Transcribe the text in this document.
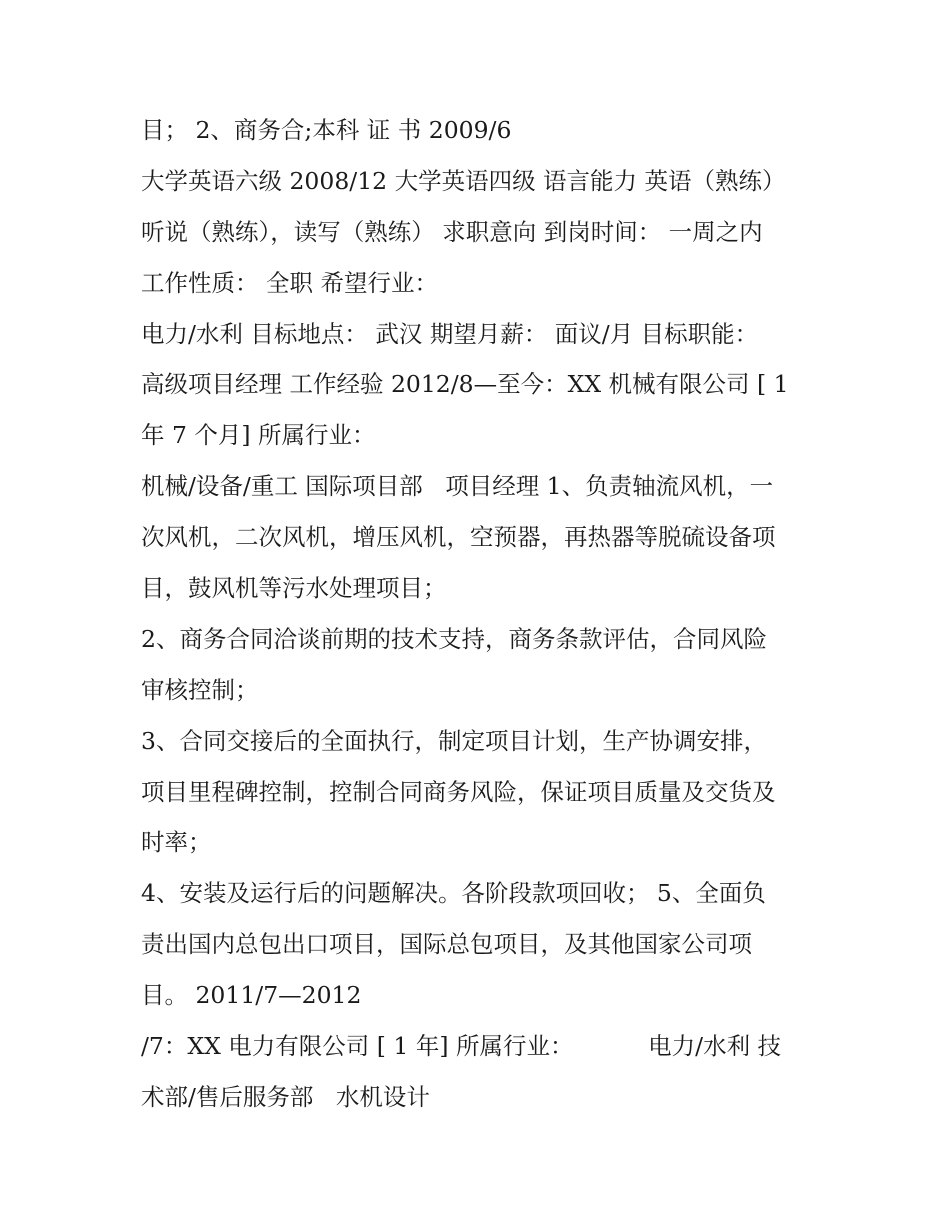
目； 2、商务合;本科 证 书 2009/6
大学英语六级 2008/12 大学英语四级 语言能力 英语（熟练）
听说（熟练），读写（熟练） 求职意向 到岗时间： 一周之内
工作性质： 全职 希望行业：
电力/水利 目标地点： 武汉 期望月薪： 面议/月 目标职能：
高级项目经理 工作经验 2012/8—至今：XX 机械有限公司 [ 1
年 7 个月] 所属行业：
机械/设备/重工 国际项目部   项目经理 1、负责轴流风机，一
次风机，二次风机，增压风机，空预器，再热器等脱硫设备项
目，鼓风机等污水处理项目；
2、商务合同洽谈前期的技术支持，商务条款评估，合同风险
审核控制；
3、合同交接后的全面执行，制定项目计划，生产协调安排，
项目里程碑控制，控制合同商务风险，保证项目质量及交货及
时率；
4、安装及运行后的问题解决。各阶段款项回收； 5、全面负
责出国内总包出口项目，国际总包项目，及其他国家公司项
目。 2011/7—2012
/7：XX 电力有限公司 [ 1 年] 所属行业：          电力/水利 技
术部/售后服务部   水机设计
